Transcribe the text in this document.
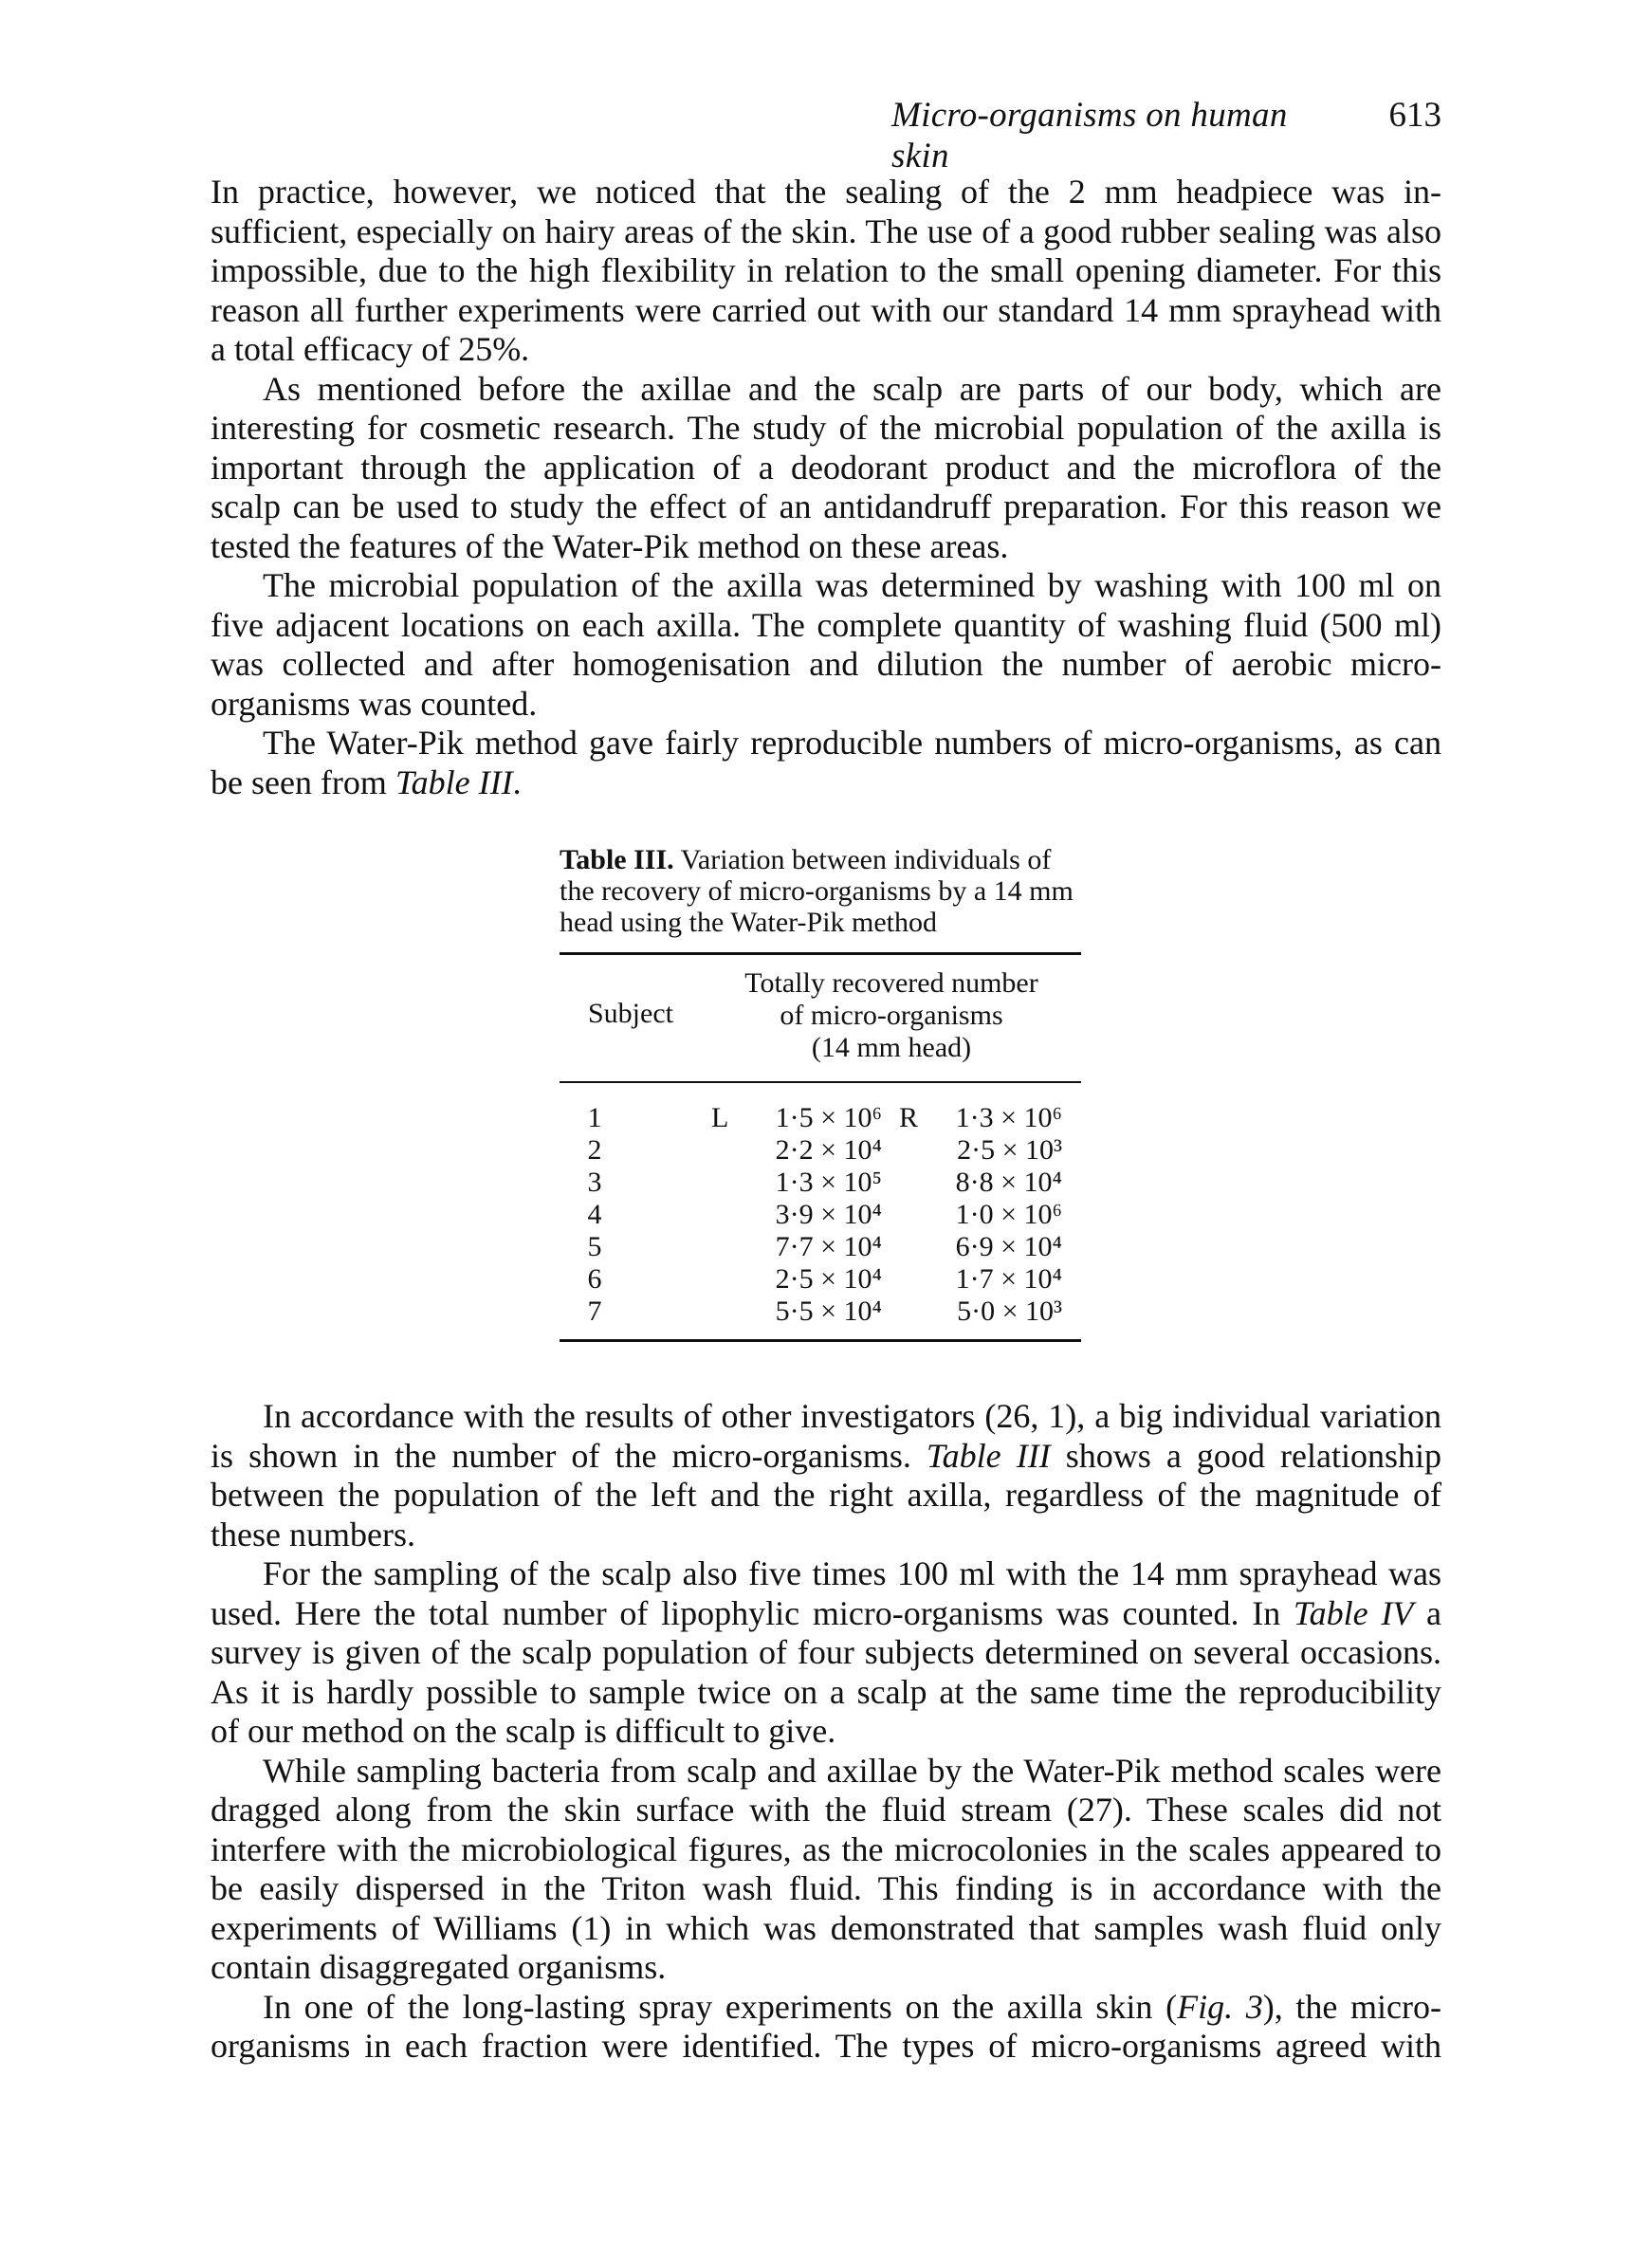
Micro-organisms on human skin
613

In practice, however, we noticed that the sealing of the 2 mm headpiece was in-
sufficient, especially on hairy areas of the skin. The use of a good rubber sealing was also
impossible, due to the high flexibility in relation to the small opening diameter. For this
reason all further experiments were carried out with our standard 14 mm sprayhead with
a total efficacy of 25%.

As mentioned before the axillae and the scalp are parts of our body, which are
interesting for cosmetic research. The study of the microbial population of the axilla is
important through the application of a deodorant product and the microflora of the
scalp can be used to study the effect of an antidandruff preparation. For this reason we
tested the features of the Water-Pik method on these areas.

The microbial population of the axilla was determined by washing with 100 ml on
five adjacent locations on each axilla. The complete quantity of washing fluid (500 ml)
was collected and after homogenisation and dilution the number of aerobic micro-
organisms was counted.

The Water-Pik method gave fairly reproducible numbers of micro-organisms, as can
be seen from Table III.

Table III. Variation between individuals of
the recovery of micro-organisms by a 14 mm
head using the Water-Pik method
Subject
Totally recovered number
of micro-organisms
(14 mm head)
1	L	1·5 × 10⁶ R	1·3 × 10⁶
2	2·2 × 10⁴	2·5 × 10³
3	1·3 × 10⁵	8·8 × 10⁴
4	3·9 × 10⁴	1·0 × 10⁶
5	7·7 × 10⁴	6·9 × 10⁴
6	2·5 × 10⁴	1·7 × 10⁴
7	5·5 × 10⁴	5·0 × 10³

In accordance with the results of other investigators (26, 1), a big individual variation
is shown in the number of the micro-organisms. Table III shows a good relationship
between the population of the left and the right axilla, regardless of the magnitude of
these numbers.

For the sampling of the scalp also five times 100 ml with the 14 mm sprayhead was
used. Here the total number of lipophylic micro-organisms was counted. In Table IV a
survey is given of the scalp population of four subjects determined on several occasions.
As it is hardly possible to sample twice on a scalp at the same time the reproducibility
of our method on the scalp is difficult to give.

While sampling bacteria from scalp and axillae by the Water-Pik method scales were
dragged along from the skin surface with the fluid stream (27). These scales did not
interfere with the microbiological figures, as the microcolonies in the scales appeared to
be easily dispersed in the Triton wash fluid. This finding is in accordance with the
experiments of Williams (1) in which was demonstrated that samples wash fluid only
contain disaggregated organisms.

In one of the long-lasting spray experiments on the axilla skin (Fig. 3), the micro-
organisms in each fraction were identified. The types of micro-organisms agreed with
